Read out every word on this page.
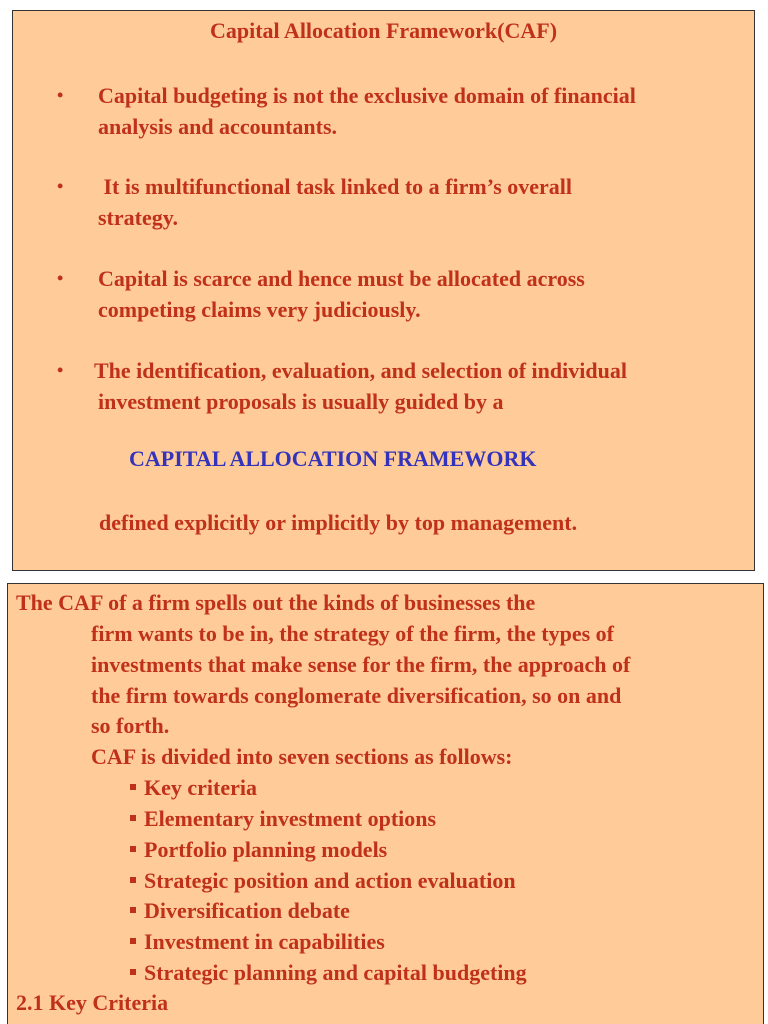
Capital Allocation Framework(CAF)
• Capital budgeting is not the exclusive domain of financial
analysis and accountants.
• It is multifunctional task linked to a firm’s overall
strategy.
• Capital is scarce and hence must be allocated across
competing claims very judiciously.
• The identification, evaluation, and selection of individual
investment proposals is usually guided by a
CAPITAL ALLOCATION FRAMEWORK
defined explicitly or implicitly by top management.
The CAF of a firm spells out the kinds of businesses the
firm wants to be in, the strategy of the firm, the types of
investments that make sense for the firm, the approach of
the firm towards conglomerate diversification, so on and
so forth.
CAF is divided into seven sections as follows:
Key criteria
Elementary investment options
Portfolio planning models
Strategic position and action evaluation
Diversification debate
Investment in capabilities
Strategic planning and capital budgeting
2.1 Key Criteria
